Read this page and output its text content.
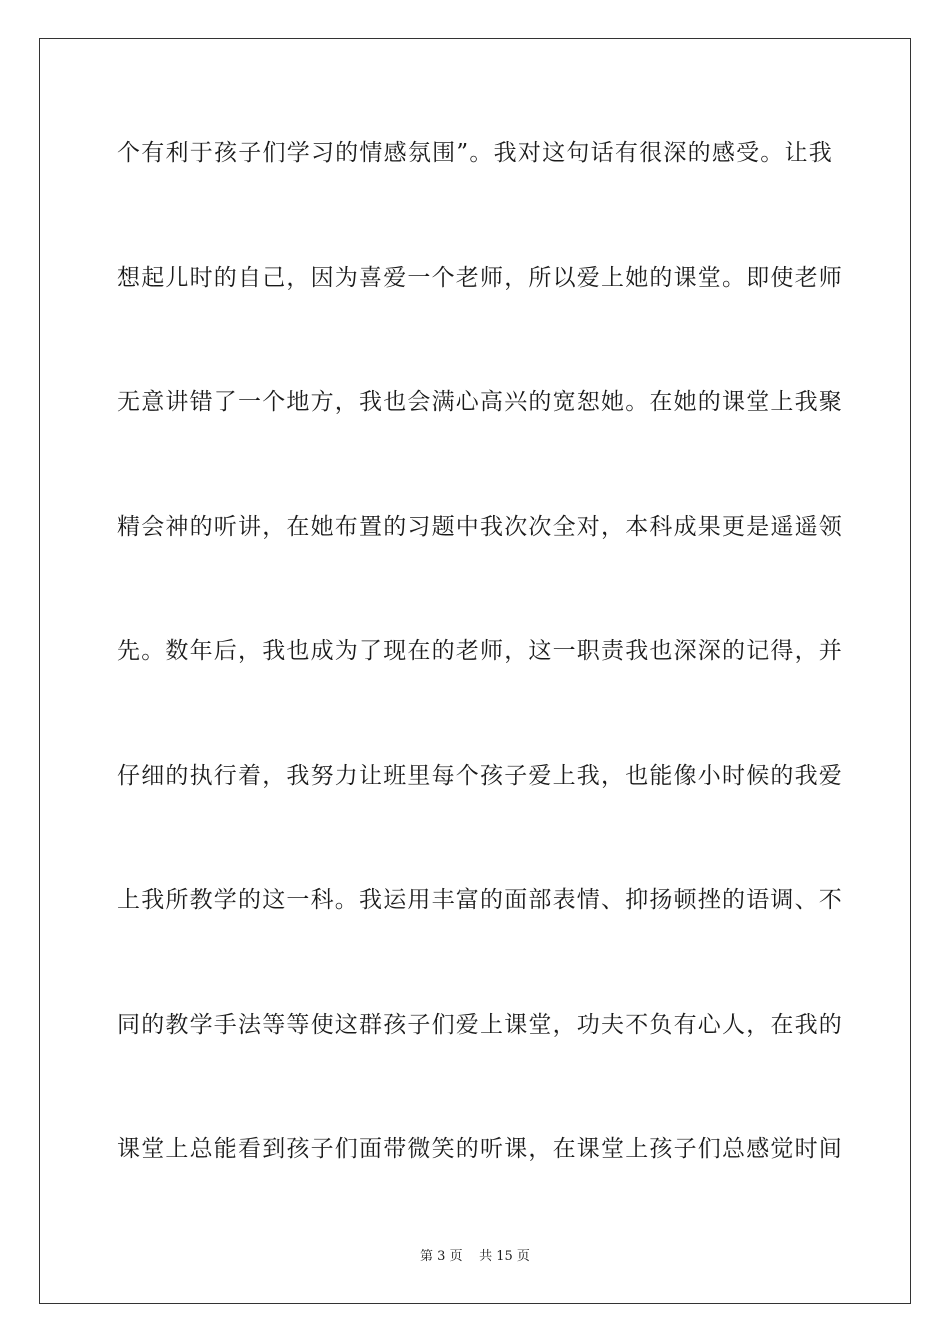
个有利于孩子们学习的情感氛围”。我对这句话有很深的感受。让我
想起儿时的自己，因为喜爱一个老师，所以爱上她的课堂。即使老师
无意讲错了一个地方，我也会满心高兴的宽恕她。在她的课堂上我聚
精会神的听讲，在她布置的习题中我次次全对，本科成果更是遥遥领
先。数年后，我也成为了现在的老师，这一职责我也深深的记得，并
仔细的执行着，我努力让班里每个孩子爱上我，也能像小时候的我爱
上我所教学的这一科。我运用丰富的面部表情、抑扬顿挫的语调、不
同的教学手法等等使这群孩子们爱上课堂，功夫不负有心人，在我的
课堂上总能看到孩子们面带微笑的听课，在课堂上孩子们总感觉时间
第 3 页 共 15 页
